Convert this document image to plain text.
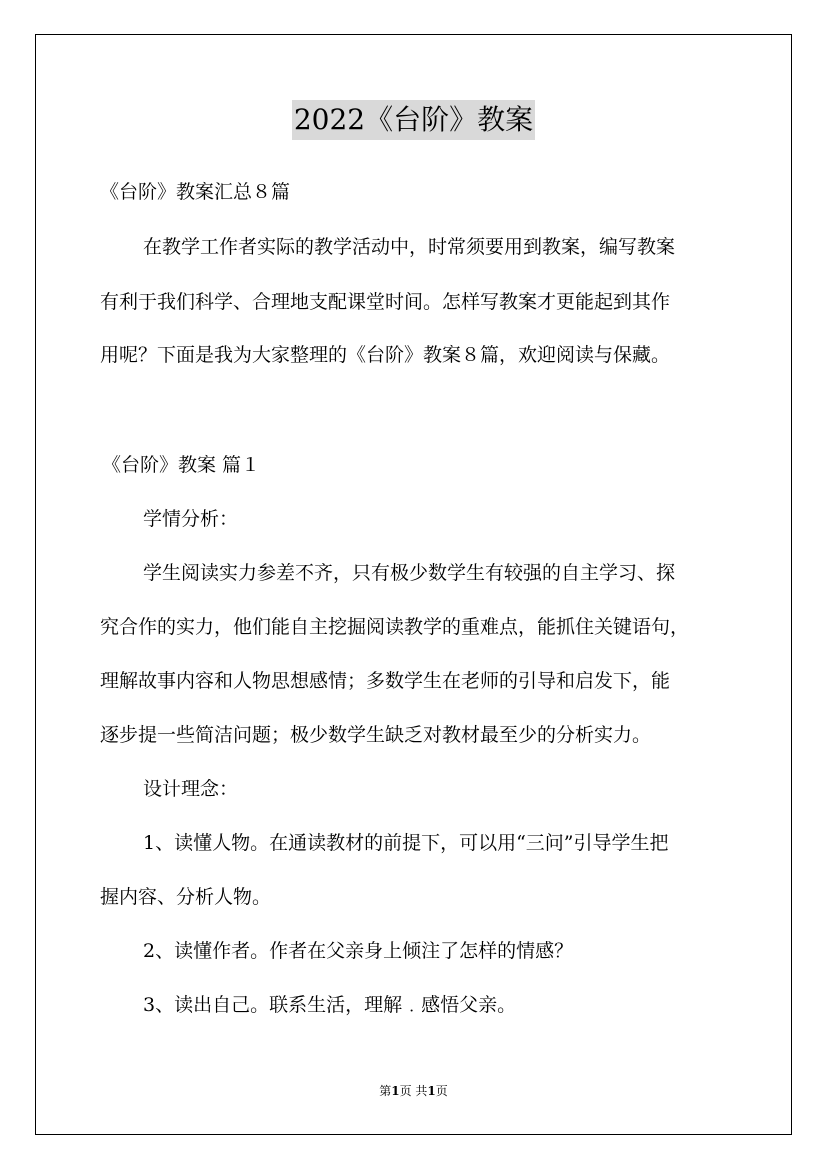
2022《台阶》教案
《台阶》教案汇总８篇
在教学工作者实际的教学活动中，时常须要用到教案，编写教案
有利于我们科学、合理地支配课堂时间。怎样写教案才更能起到其作
用呢？下面是我为大家整理的《台阶》教案８篇，欢迎阅读与保藏。
《台阶》教案 篇１
学情分析：
学生阅读实力参差不齐，只有极少数学生有较强的自主学习、探
究合作的实力，他们能自主挖掘阅读教学的重难点，能抓住关键语句，
理解故事内容和人物思想感情；多数学生在老师的引导和启发下，能
逐步提一些简洁问题；极少数学生缺乏对教材最至少的分析实力。
设计理念：
1、读懂人物。在通读教材的前提下，可以用“三问”引导学生把
握内容、分析人物。
2、读懂作者。作者在父亲身上倾注了怎样的情感？
3、读出自己。联系生活，理解﹒感悟父亲。
第1页 共1页
